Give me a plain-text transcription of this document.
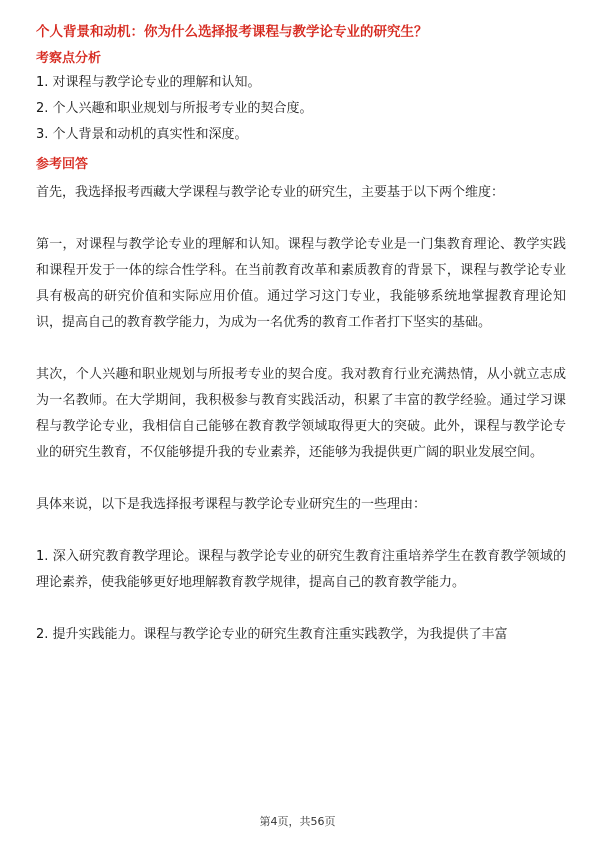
个人背景和动机：你为什么选择报考课程与教学论专业的研究生？
考察点分析
1. 对课程与教学论专业的理解和认知。
2. 个人兴趣和职业规划与所报考专业的契合度。
3. 个人背景和动机的真实性和深度。
参考回答

首先，我选择报考西藏大学课程与教学论专业的研究生，主要基于以下两个维度：

第一，对课程与教学论专业的理解和认知。课程与教学论专业是一门集教育理论、教学实践和课程开发于一体的综合性学科。在当前教育改革和素质教育的背景下，课程与教学论专业具有极高的研究价值和实际应用价值。通过学习这门专业，我能够系统地掌握教育理论知识，提高自己的教育教学能力，为成为一名优秀的教育工作者打下坚实的基础。

其次，个人兴趣和职业规划与所报考专业的契合度。我对教育行业充满热情，从小就立志成为一名教师。在大学期间，我积极参与教育实践活动，积累了丰富的教学经验。通过学习课程与教学论专业，我相信自己能够在教育教学领域取得更大的突破。此外，课程与教学论专业的研究生教育，不仅能够提升我的专业素养，还能够为我提供更广阔的职业发展空间。

具体来说，以下是我选择报考课程与教学论专业研究生的一些理由：

1. 深入研究教育教学理论。课程与教学论专业的研究生教育注重培养学生在教育教学领域的理论素养，使我能够更好地理解教育教学规律，提高自己的教育教学能力。

2. 提升实践能力。课程与教学论专业的研究生教育注重实践教学，为我提供了丰富

第4页，共56页
